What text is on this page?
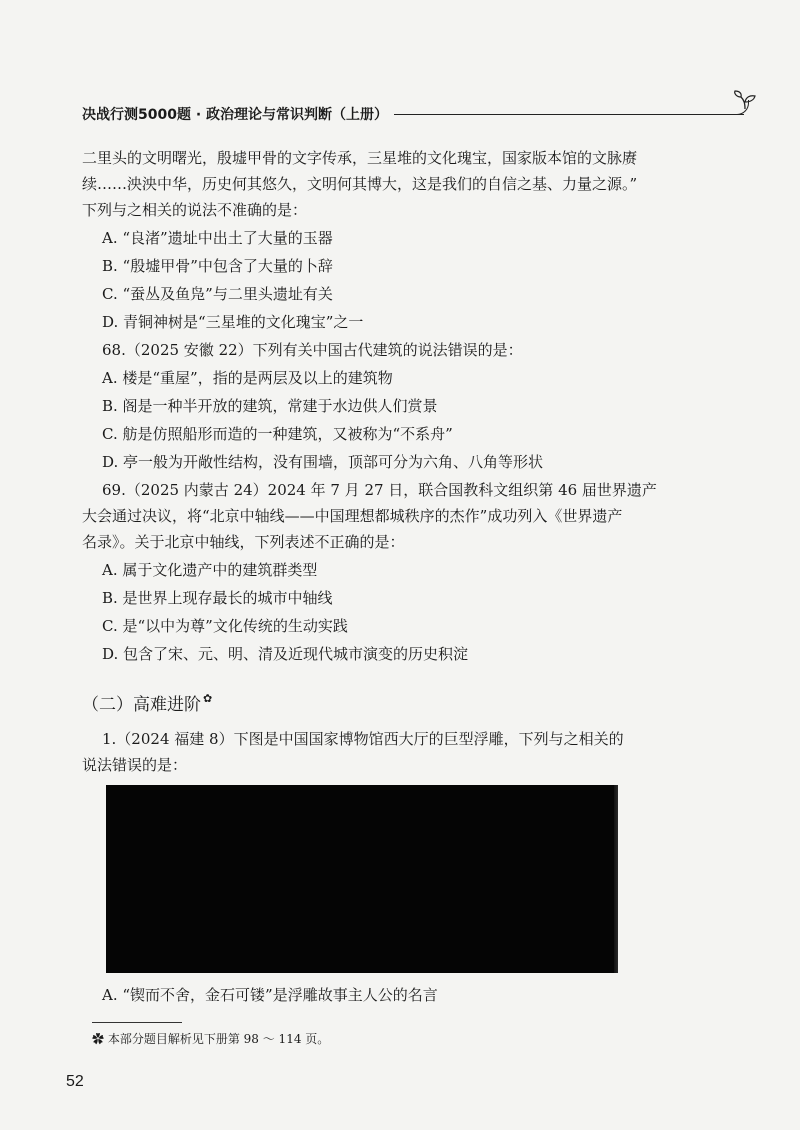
决战行测5000题 · 政治理论与常识判断（上册）
二里头的文明曙光，殷墟甲骨的文字传承，三星堆的文化瑰宝，国家版本馆的文脉赓
续……泱泱中华，历史何其悠久，文明何其博大，这是我们的自信之基、力量之源。”
下列与之相关的说法不准确的是：
A. “良渚”遗址中出土了大量的玉器
B. “殷墟甲骨”中包含了大量的卜辞
C. “蚕丛及鱼凫”与二里头遗址有关
D. 青铜神树是“三星堆的文化瑰宝”之一
68.（2025 安徽 22）下列有关中国古代建筑的说法错误的是：
A. 楼是“重屋”，指的是两层及以上的建筑物
B. 阁是一种半开放的建筑，常建于水边供人们赏景
C. 舫是仿照船形而造的一种建筑，又被称为“不系舟”
D. 亭一般为开敞性结构，没有围墙，顶部可分为六角、八角等形状
69.（2025 内蒙古 24）2024 年 7 月 27 日，联合国教科文组织第 46 届世界遗产
大会通过决议，将“北京中轴线——中国理想都城秩序的杰作”成功列入《世界遗产
名录》。关于北京中轴线，下列表述不正确的是：
A. 属于文化遗产中的建筑群类型
B. 是世界上现存最长的城市中轴线
C. 是“以中为尊”文化传统的生动实践
D. 包含了宋、元、明、清及近现代城市演变的历史积淀
（二）高难进阶 ✿
1.（2024 福建 8）下图是中国国家博物馆西大厅的巨型浮雕，下列与之相关的
说法错误的是：
A. “锲而不舍，金石可镂”是浮雕故事主人公的名言
✿ 本部分题目解析见下册第 98 ～ 114 页。
52
